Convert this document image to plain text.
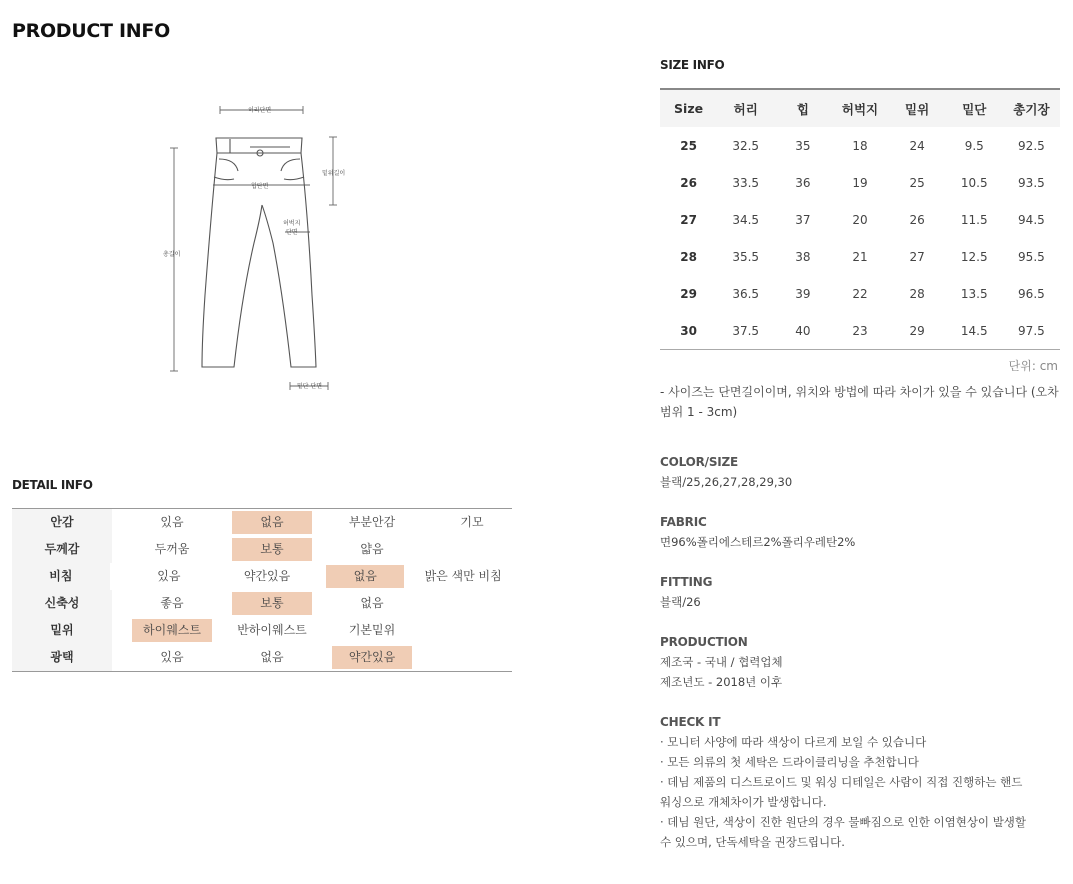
PRODUCT INFO
허리단면
밑위길이
힙단면
허벅지
단면
총길이
밑단 단면
DETAIL INFO
안감	있음	없음	부분안감	기모
두께감	두꺼움	보통	얇음
비침	있음	약간있음	없음	밝은 색만 비침
신축성	좋음	보통	없음
밑위	하이웨스트	반하이웨스트	기본밑위
광택	있음	없음	약간있음
SIZE INFO
Size	허리	힙	허벅지	밑위	밑단	총기장
25	32.5	35	18	24	9.5	92.5
26	33.5	36	19	25	10.5	93.5
27	34.5	37	20	26	11.5	94.5
28	35.5	38	21	27	12.5	95.5
29	36.5	39	22	28	13.5	96.5
30	37.5	40	23	29	14.5	97.5
단위: cm
- 사이즈는 단면길이이며, 위치와 방법에 따라 차이가 있을 수 있습니다 (오차범위 1 - 3cm)
COLOR/SIZE
블랙/25,26,27,28,29,30
FABRIC
면96%폴리에스테르2%폴리우레탄2%
FITTING
블랙/26
PRODUCTION
제조국 - 국내 / 협력업체
제조년도 - 2018년 이후
CHECK IT
· 모니터 사양에 따라 색상이 다르게 보일 수 있습니다
· 모든 의류의 첫 세탁은 드라이클리닝을 추천합니다
· 데님 제품의 디스트로이드 및 워싱 디테일은 사람이 직접 진행하는 핸드
워싱으로 개체차이가 발생합니다.
· 데님 원단, 색상이 진한 원단의 경우 물빠짐으로 인한 이염현상이 발생할
수 있으며, 단독세탁을 권장드립니다.
